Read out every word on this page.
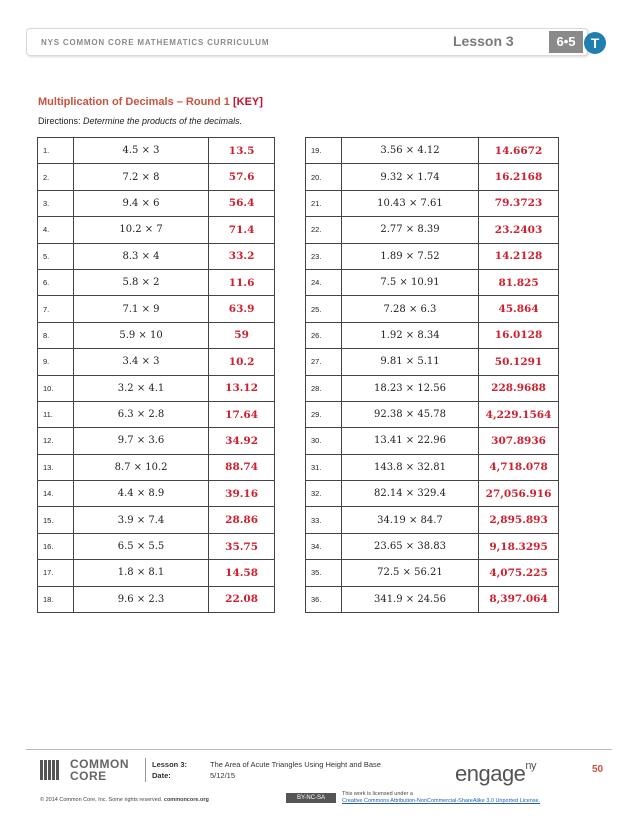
NYS COMMON CORE MATHEMATICS CURRICULUM	Lesson 3	6•5	T
Multiplication of Decimals – Round 1 [KEY]
Directions: Determine the products of the decimals.
1.	4.5 × 3	13.5
2.	7.2 × 8	57.6
3.	9.4 × 6	56.4
4.	10.2 × 7	71.4
5.	8.3 × 4	33.2
6.	5.8 × 2	11.6
7.	7.1 × 9	63.9
8.	5.9 × 10	59
9.	3.4 × 3	10.2
10.	3.2 × 4.1	13.12
11.	6.3 × 2.8	17.64
12.	9.7 × 3.6	34.92
13.	8.7 × 10.2	88.74
14.	4.4 × 8.9	39.16
15.	3.9 × 7.4	28.86
16.	6.5 × 5.5	35.75
17.	1.8 × 8.1	14.58
18.	9.6 × 2.3	22.08
19.	3.56 × 4.12	14.6672
20.	9.32 × 1.74	16.2168
21.	10.43 × 7.61	79.3723
22.	2.77 × 8.39	23.2403
23.	1.89 × 7.52	14.2128
24.	7.5 × 10.91	81.825
25.	7.28 × 6.3	45.864
26.	1.92 × 8.34	16.0128
27.	9.81 × 5.11	50.1291
28.	18.23 × 12.56	228.9688
29.	92.38 × 45.78	4,229.1564
30.	13.41 × 22.96	307.8936
31.	143.8 × 32.81	4,718.078
32.	82.14 × 329.4	27,056.916
33.	34.19 × 84.7	2,895.893
34.	23.65 × 38.83	9,18.3295
35.	72.5 × 56.21	4,075.225
36.	341.9 × 24.56	8,397.064
COMMON
CORE
Lesson 3:	The Area of Acute Triangles Using Height and Base
Date:	5/12/15	engage$^{ny}$	50
© 2014 Common Core, Inc. Some rights reserved. commoncore.org	BY-NC-SA
This work is licensed under a
Creative Commons Attribution-NonCommercial-ShareAlike 3.0 Unported License.
